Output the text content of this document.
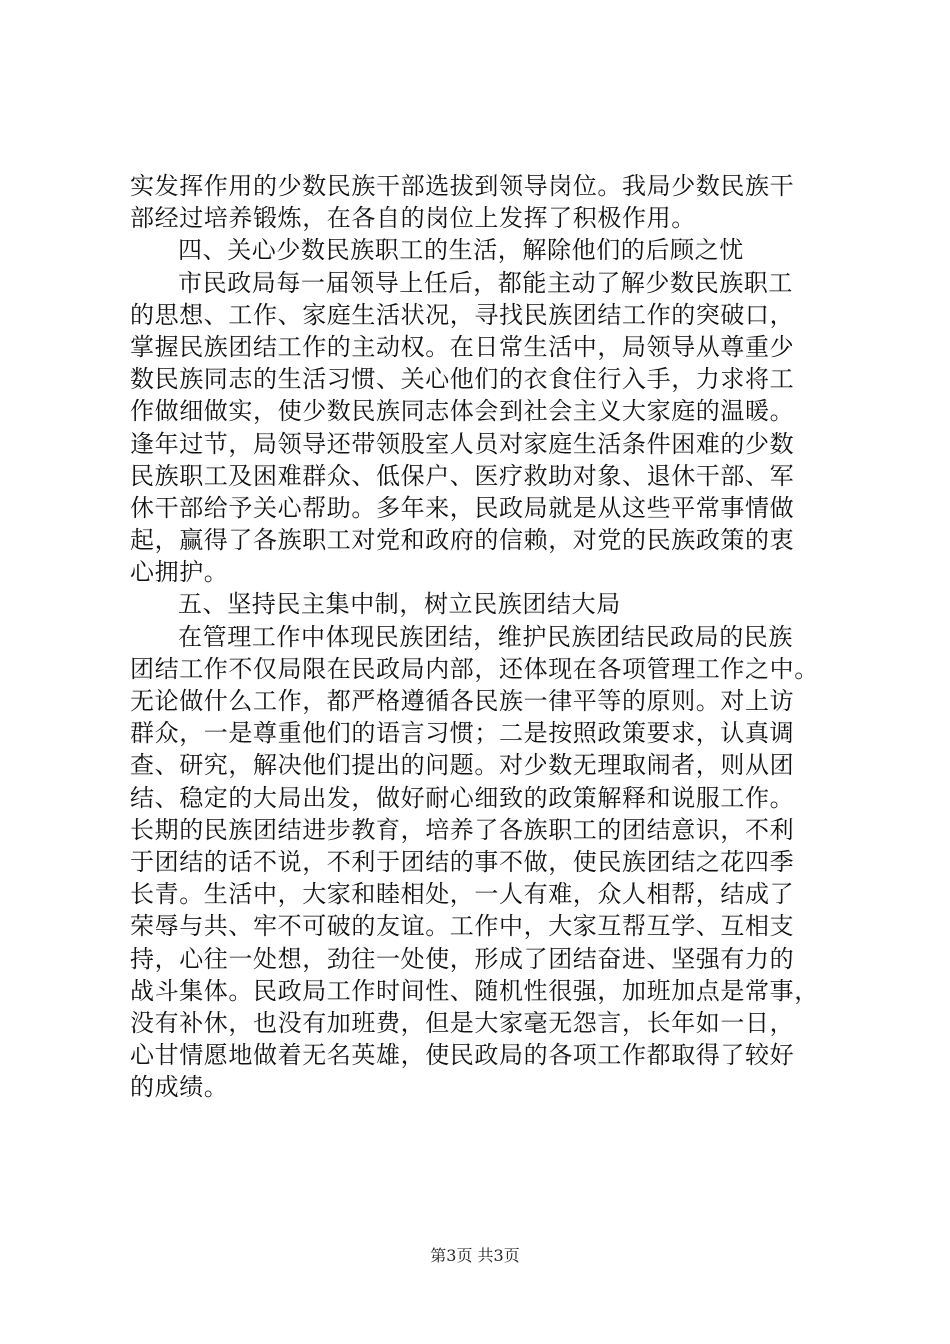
实发挥作用的少数民族干部选拔到领导岗位。我局少数民族干
部经过培养锻炼，在各自的岗位上发挥了积极作用。
四、关心少数民族职工的生活，解除他们的后顾之忧
市民政局每一届领导上任后，都能主动了解少数民族职工
的思想、工作、家庭生活状况，寻找民族团结工作的突破口，
掌握民族团结工作的主动权。在日常生活中，局领导从尊重少
数民族同志的生活习惯、关心他们的衣食住行入手，力求将工
作做细做实，使少数民族同志体会到社会主义大家庭的温暖。
逢年过节，局领导还带领股室人员对家庭生活条件困难的少数
民族职工及困难群众、低保户、医疗救助对象、退休干部、军
休干部给予关心帮助。多年来，民政局就是从这些平常事情做
起，赢得了各族职工对党和政府的信赖，对党的民族政策的衷
心拥护。
五、坚持民主集中制，树立民族团结大局
在管理工作中体现民族团结，维护民族团结民政局的民族
团结工作不仅局限在民政局内部，还体现在各项管理工作之中。
无论做什么工作，都严格遵循各民族一律平等的原则。对上访
群众，一是尊重他们的语言习惯；二是按照政策要求，认真调
查、研究，解决他们提出的问题。对少数无理取闹者，则从团
结、稳定的大局出发，做好耐心细致的政策解释和说服工作。
长期的民族团结进步教育，培养了各族职工的团结意识，不利
于团结的话不说，不利于团结的事不做，使民族团结之花四季
长青。生活中，大家和睦相处，一人有难，众人相帮，结成了
荣辱与共、牢不可破的友谊。工作中，大家互帮互学、互相支
持，心往一处想，劲往一处使，形成了团结奋进、坚强有力的
战斗集体。民政局工作时间性、随机性很强，加班加点是常事，
没有补休，也没有加班费，但是大家毫无怨言，长年如一日，
心甘情愿地做着无名英雄，使民政局的各项工作都取得了较好
的成绩。
第3页 共3页
